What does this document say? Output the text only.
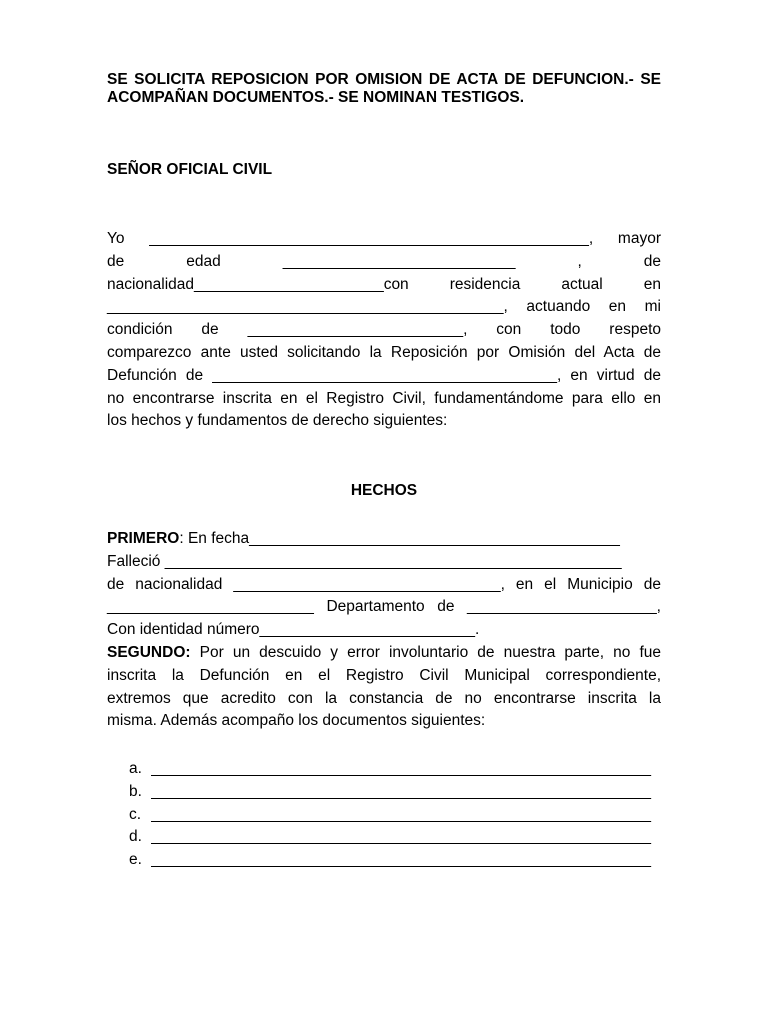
SE SOLICITA REPOSICION POR OMISION DE ACTA DE DEFUNCION.- SE ACOMPAÑAN DOCUMENTOS.- SE NOMINAN TESTIGOS.

SEÑOR OFICIAL CIVIL

Yo ___________________________________________________, mayor
de edad ___________________________ , de
nacionalidad______________________con residencia actual en
______________________________________________, actuando en mi
condición de _________________________, con todo respeto
comparezco ante usted solicitando la Reposición por Omisión del Acta de
Defunción de ________________________________________, en virtud de
no encontrarse inscrita en el Registro Civil, fundamentándome para ello en
los hechos y fundamentos de derecho siguientes:
HECHOS
PRIMERO: En fecha___________________________________________
Falleció _____________________________________________________
de nacionalidad _______________________________, en el Municipio de
________________________ Departamento de ______________________,
Con identidad número_________________________.
SEGUNDO: Por un descuido y error involuntario de nuestra parte, no fue
inscrita la Defunción en el Registro Civil Municipal correspondiente,
extremos que acredito con la constancia de no encontrarse inscrita la
misma. Además acompaño los documentos siguientes:
a. __________________________________________________________
b. __________________________________________________________
c. __________________________________________________________
d. __________________________________________________________
e. __________________________________________________________
